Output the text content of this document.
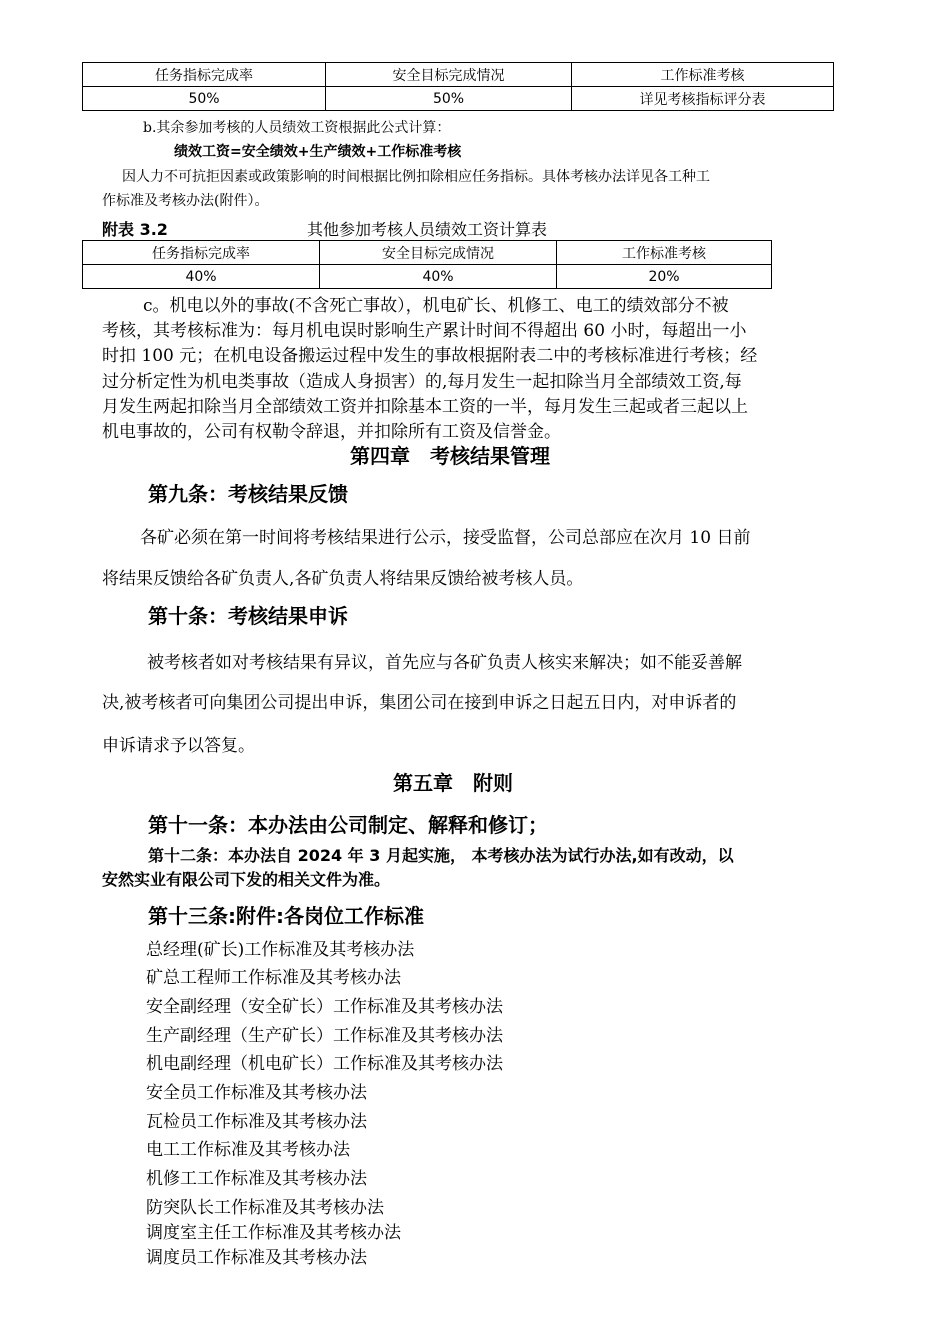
任务指标完成率	安全目标完成情况	工作标准考核
50%	50%	详见考核指标评分表
b.其余参加考核的人员绩效工资根据此公式计算：
绩效工资=安全绩效+生产绩效+工作标准考核
因人力不可抗拒因素或政策影响的时间根据比例扣除相应任务指标。具体考核办法详见各工种工
作标准及考核办法(附件）。
附表 3.2	其他参加考核人员绩效工资计算表
任务指标完成率	安全目标完成情况	工作标准考核
40%	40%	20%
c。机电以外的事故(不含死亡事故），机电矿长、机修工、电工的绩效部分不被
考核，其考核标准为：每月机电误时影响生产累计时间不得超出 60 小时，每超出一小
时扣 100 元；在机电设备搬运过程中发生的事故根据附表二中的考核标准进行考核；经
过分析定性为机电类事故（造成人身损害）的,每月发生一起扣除当月全部绩效工资,每
月发生两起扣除当月全部绩效工资并扣除基本工资的一半，每月发生三起或者三起以上
机电事故的，公司有权勒令辞退，并扣除所有工资及信誉金。
第四章　考核结果管理
第九条：考核结果反馈
各矿必须在第一时间将考核结果进行公示，接受监督，公司总部应在次月 10 日前
将结果反馈给各矿负责人,各矿负责人将结果反馈给被考核人员。
第十条：考核结果申诉
被考核者如对考核结果有异议，首先应与各矿负责人核实来解决；如不能妥善解
决,被考核者可向集团公司提出申诉，集团公司在接到申诉之日起五日内，对申诉者的
申诉请求予以答复。
第五章　附则
第十一条：本办法由公司制定、解释和修订；
第十二条：本办法自 2024 年 3 月起实施， 本考核办法为试行办法,如有改动，以
安然实业有限公司下发的相关文件为准。
第十三条:附件:各岗位工作标准
总经理(矿长)工作标准及其考核办法
矿总工程师工作标准及其考核办法
安全副经理（安全矿长）工作标准及其考核办法
生产副经理（生产矿长）工作标准及其考核办法
机电副经理（机电矿长）工作标准及其考核办法
安全员工作标准及其考核办法
瓦检员工作标准及其考核办法
电工工作标准及其考核办法
机修工工作标准及其考核办法
防突队长工作标准及其考核办法
调度室主任工作标准及其考核办法
调度员工作标准及其考核办法
